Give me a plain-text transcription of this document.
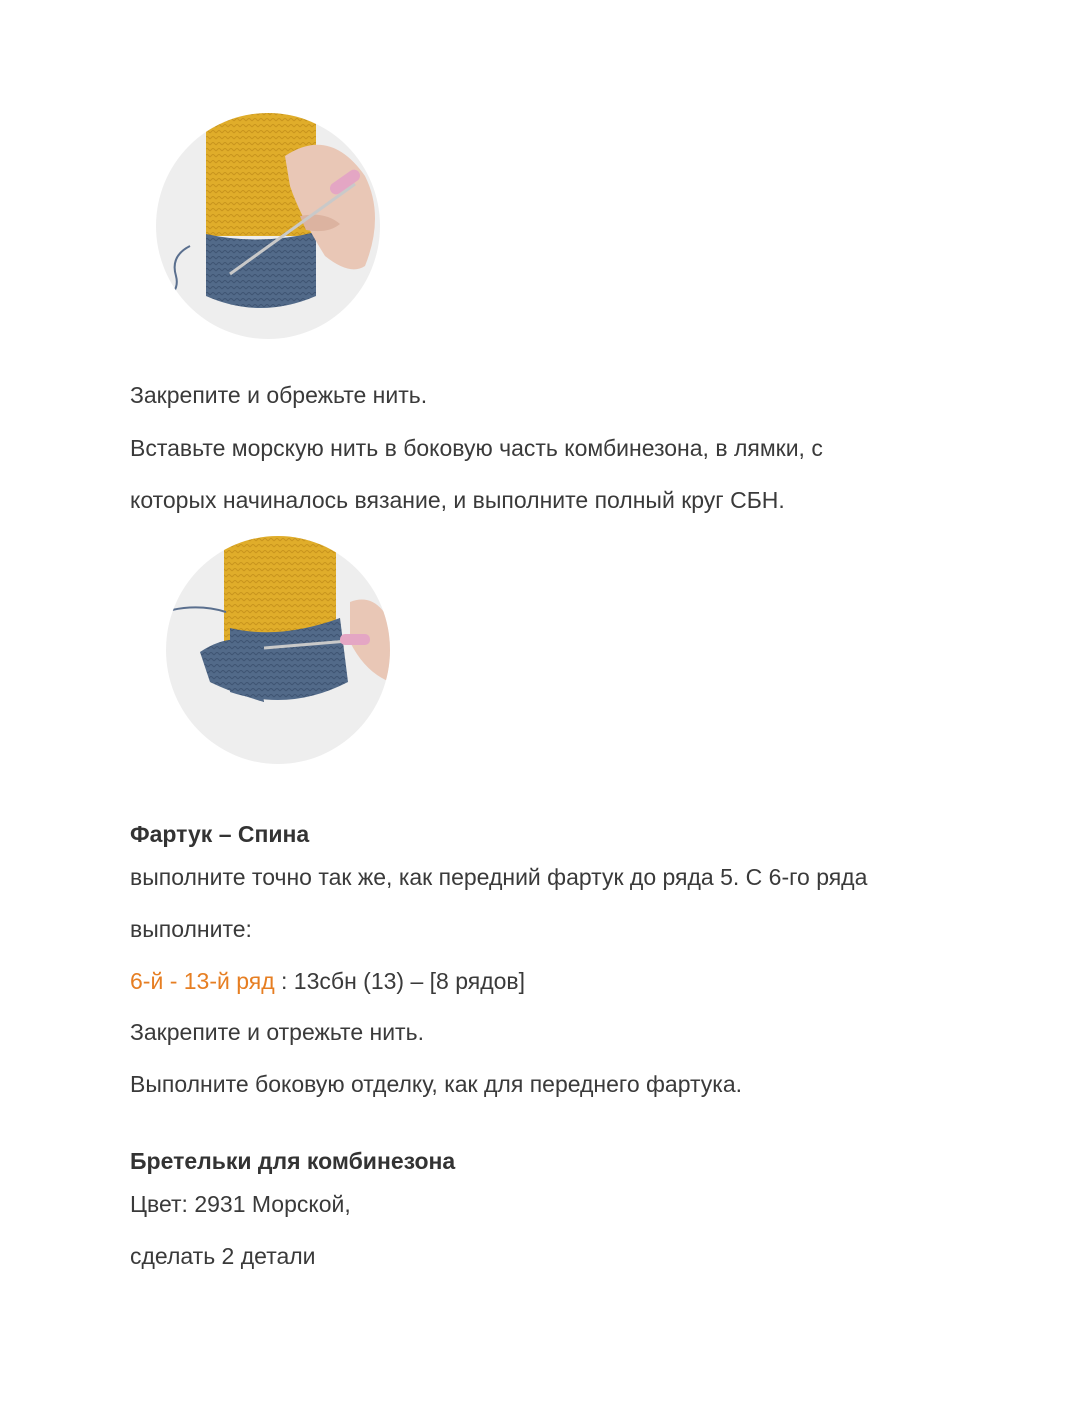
Закрепите и обрежьте нить.

Вставьте морскую нить в боковую часть комбинезона, в лямки, с

которых начиналось вязание, и выполните полный круг СБН.

Фартук – Спина

выполните точно так же, как передний фартук до ряда 5. С 6-го ряда

выполните:

6-й - 13-й ряд : 13сбн (13) – [8 рядов]

Закрепите и отрежьте нить.

Выполните боковую отделку, как для переднего фартука.

Бретельки для комбинезона

Цвет: 2931 Морской,

сделать 2 детали
